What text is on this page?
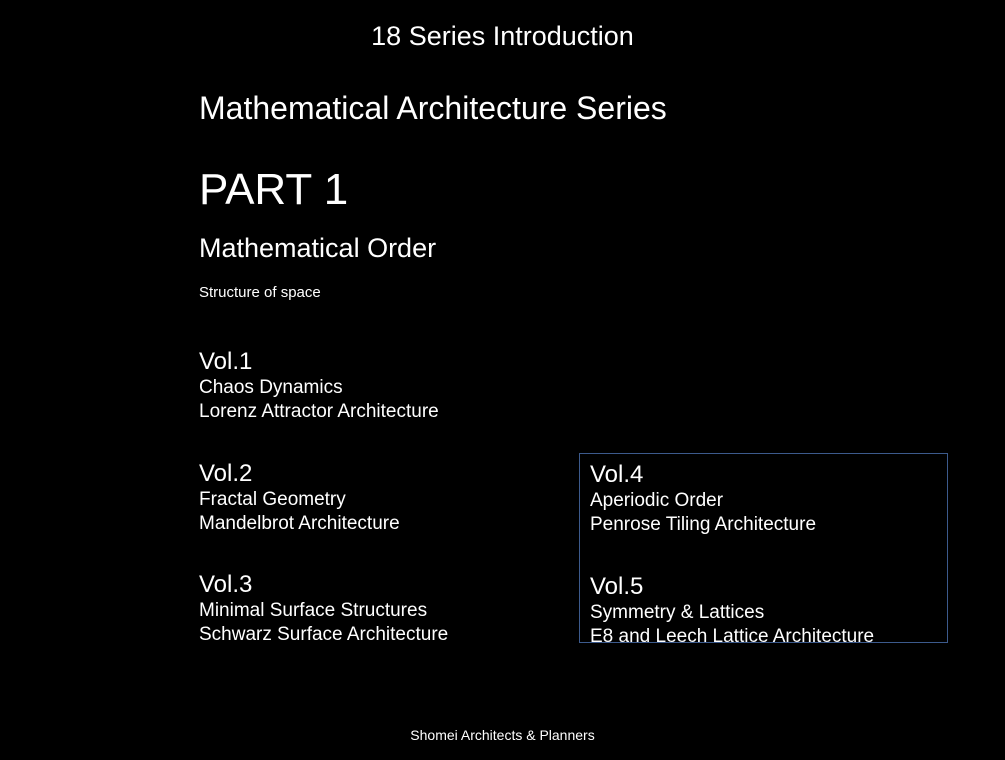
18 Series Introduction
Mathematical Architecture Series
PART 1
Mathematical Order
Structure of space
Vol.1
Chaos Dynamics
Lorenz Attractor Architecture
Vol.2
Fractal Geometry
Mandelbrot Architecture
Vol.3
Minimal Surface Structures
Schwarz Surface Architecture
Vol.4
Aperiodic Order
Penrose Tiling Architecture
Vol.5
Symmetry & Lattices
E8 and Leech Lattice Architecture
Shomei Architects & Planners
